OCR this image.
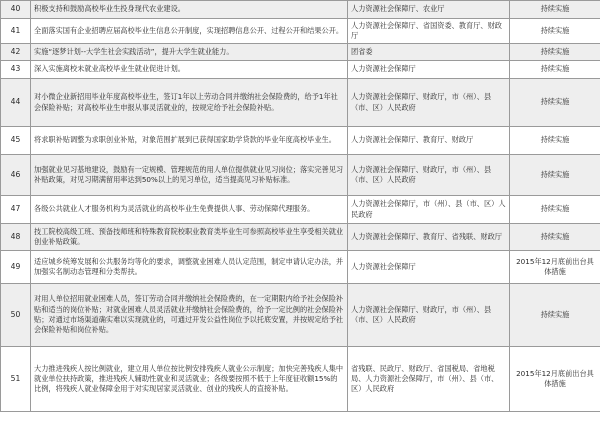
40	积极支持和鼓励高校毕业生投身现代农业建设。	人力资源社会保障厅、农业厅	持续实施
41	全面落实国有企业招聘应届高校毕业生信息公开制度，实现招聘信息公开、过程公开和结果公开。	人力资源社会保障厅、省国资委、教育厅、财政厅	持续实施
42	实施“逐梦计划--大学生社会实践活动”，提升大学生就业能力。	团省委	持续实施
43	深入实施离校未就业高校毕业生就业促进计划。	人力资源社会保障厅	持续实施
44	对小微企业新招用毕业年度高校毕业生，签订1年以上劳动合同并缴纳社会保险费的，给予1年社会保险补贴；对高校毕业生申报从事灵活就业的，按规定给予社会保险补贴。	人力资源社会保障厅、财政厅，市（州）、县（市、区）人民政府	持续实施
45	将求职补贴调整为求职创业补贴，对象范围扩展到已获得国家助学贷款的毕业年度高校毕业生。	人力资源社会保障厅、教育厅、财政厅	持续实施
46	加强就业见习基地建设，鼓励有一定规模、管理规范的用人单位提供就业见习岗位；落实完善见习补贴政策，对见习期满留用率达到50%以上的见习单位，适当提高见习补贴标准。	人力资源社会保障厅、财政厅，市（州）、县（市、区）人民政府	持续实施
47	各级公共就业人才服务机构为灵活就业的高校毕业生免费提供人事、劳动保障代理服务。	人力资源社会保障厅，市（州）、县（市、区）人民政府	持续实施
48	技工院校高级工班、预备技师班和特殊教育院校职业教育类毕业生可参照高校毕业生享受相关就业创业补贴政策。	人力资源社会保障厅、教育厅、省残联、财政厅	持续实施
49	适应城乡统筹发展和公共服务均等化的要求，调整就业困难人员认定范围，制定申请认定办法，并加强实名制动态管理和分类帮扶。	人力资源社会保障厅	2015年12月底前出台具体措施
50	对用人单位招用就业困难人员，签订劳动合同并缴纳社会保险费的，在一定期限内给予社会保险补贴和适当的岗位补贴；对就业困难人员灵活就业并缴纳社会保险费的，给予一定比例的社会保险补贴；对通过市场渠道确实难以实现就业的，可通过开发公益性岗位予以托底安置，并按规定给予社会保险补贴和岗位补贴。	人力资源社会保障厅、财政厅，市（州）、县（市、区）人民政府	持续实施
51	大力推进残疾人按比例就业，建立用人单位按比例安排残疾人就业公示制度；加快完善残疾人集中就业单位扶持政策，推进残疾人辅助性就业和灵活就业；各级要按照不低于上年度征收额15%的比例，将残疾人就业保障金用于对实现居家灵活就业、创业的残疾人的直接补贴。	省残联、民政厅、财政厅、省国税局、省地税局、人力资源社会保障厅，市（州）、县（市、区）人民政府	2015年12月底前出台具体措施
